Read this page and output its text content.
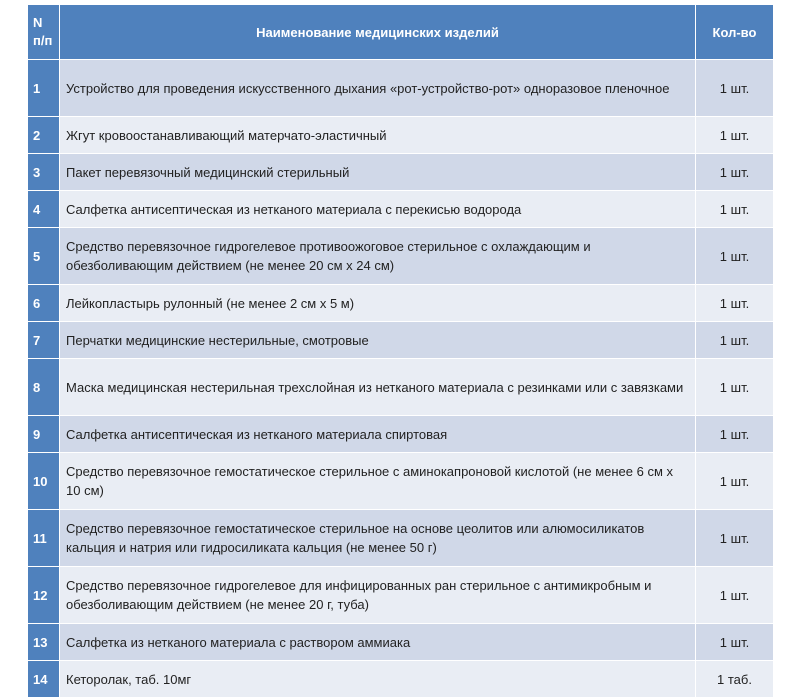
N
п/п	Наименование медицинских изделий	Кол-во
1	Устройство для проведения искусственного дыхания «рот-устройство-рот» одноразовое пленочное	1 шт.
2	Жгут кровоостанавливающий матерчато-эластичный	1 шт.
3	Пакет перевязочный медицинский стерильный	1 шт.
4	Салфетка антисептическая из нетканого материала с перекисью водорода	1 шт.
5	Средство перевязочное гидрогелевое противоожоговое стерильное с охлаждающим и обезболивающим действием (не менее 20 см x 24 см)	1 шт.
6	Лейкопластырь рулонный (не менее 2 см x 5 м)	1 шт.
7	Перчатки медицинские нестерильные, смотровые	1 шт.
8	Маска медицинская нестерильная трехслойная из нетканого материала с резинками или с завязками	1 шт.
9	Салфетка антисептическая из нетканого материала спиртовая	1 шт.
10	Средство перевязочное гемостатическое стерильное с аминокапроновой кислотой (не менее 6 см x 10 см)	1 шт.
11	Средство перевязочное гемостатическое стерильное на основе цеолитов или алюмосиликатов кальция и натрия или гидросиликата кальция (не менее 50 г)	1 шт.
12	Средство перевязочное гидрогелевое для инфицированных ран стерильное с антимикробным и обезболивающим действием (не менее 20 г, туба)	1 шт.
13	Салфетка из нетканого материала с раствором аммиака	1 шт.
14	Кеторолак, таб. 10мг	1 таб.
